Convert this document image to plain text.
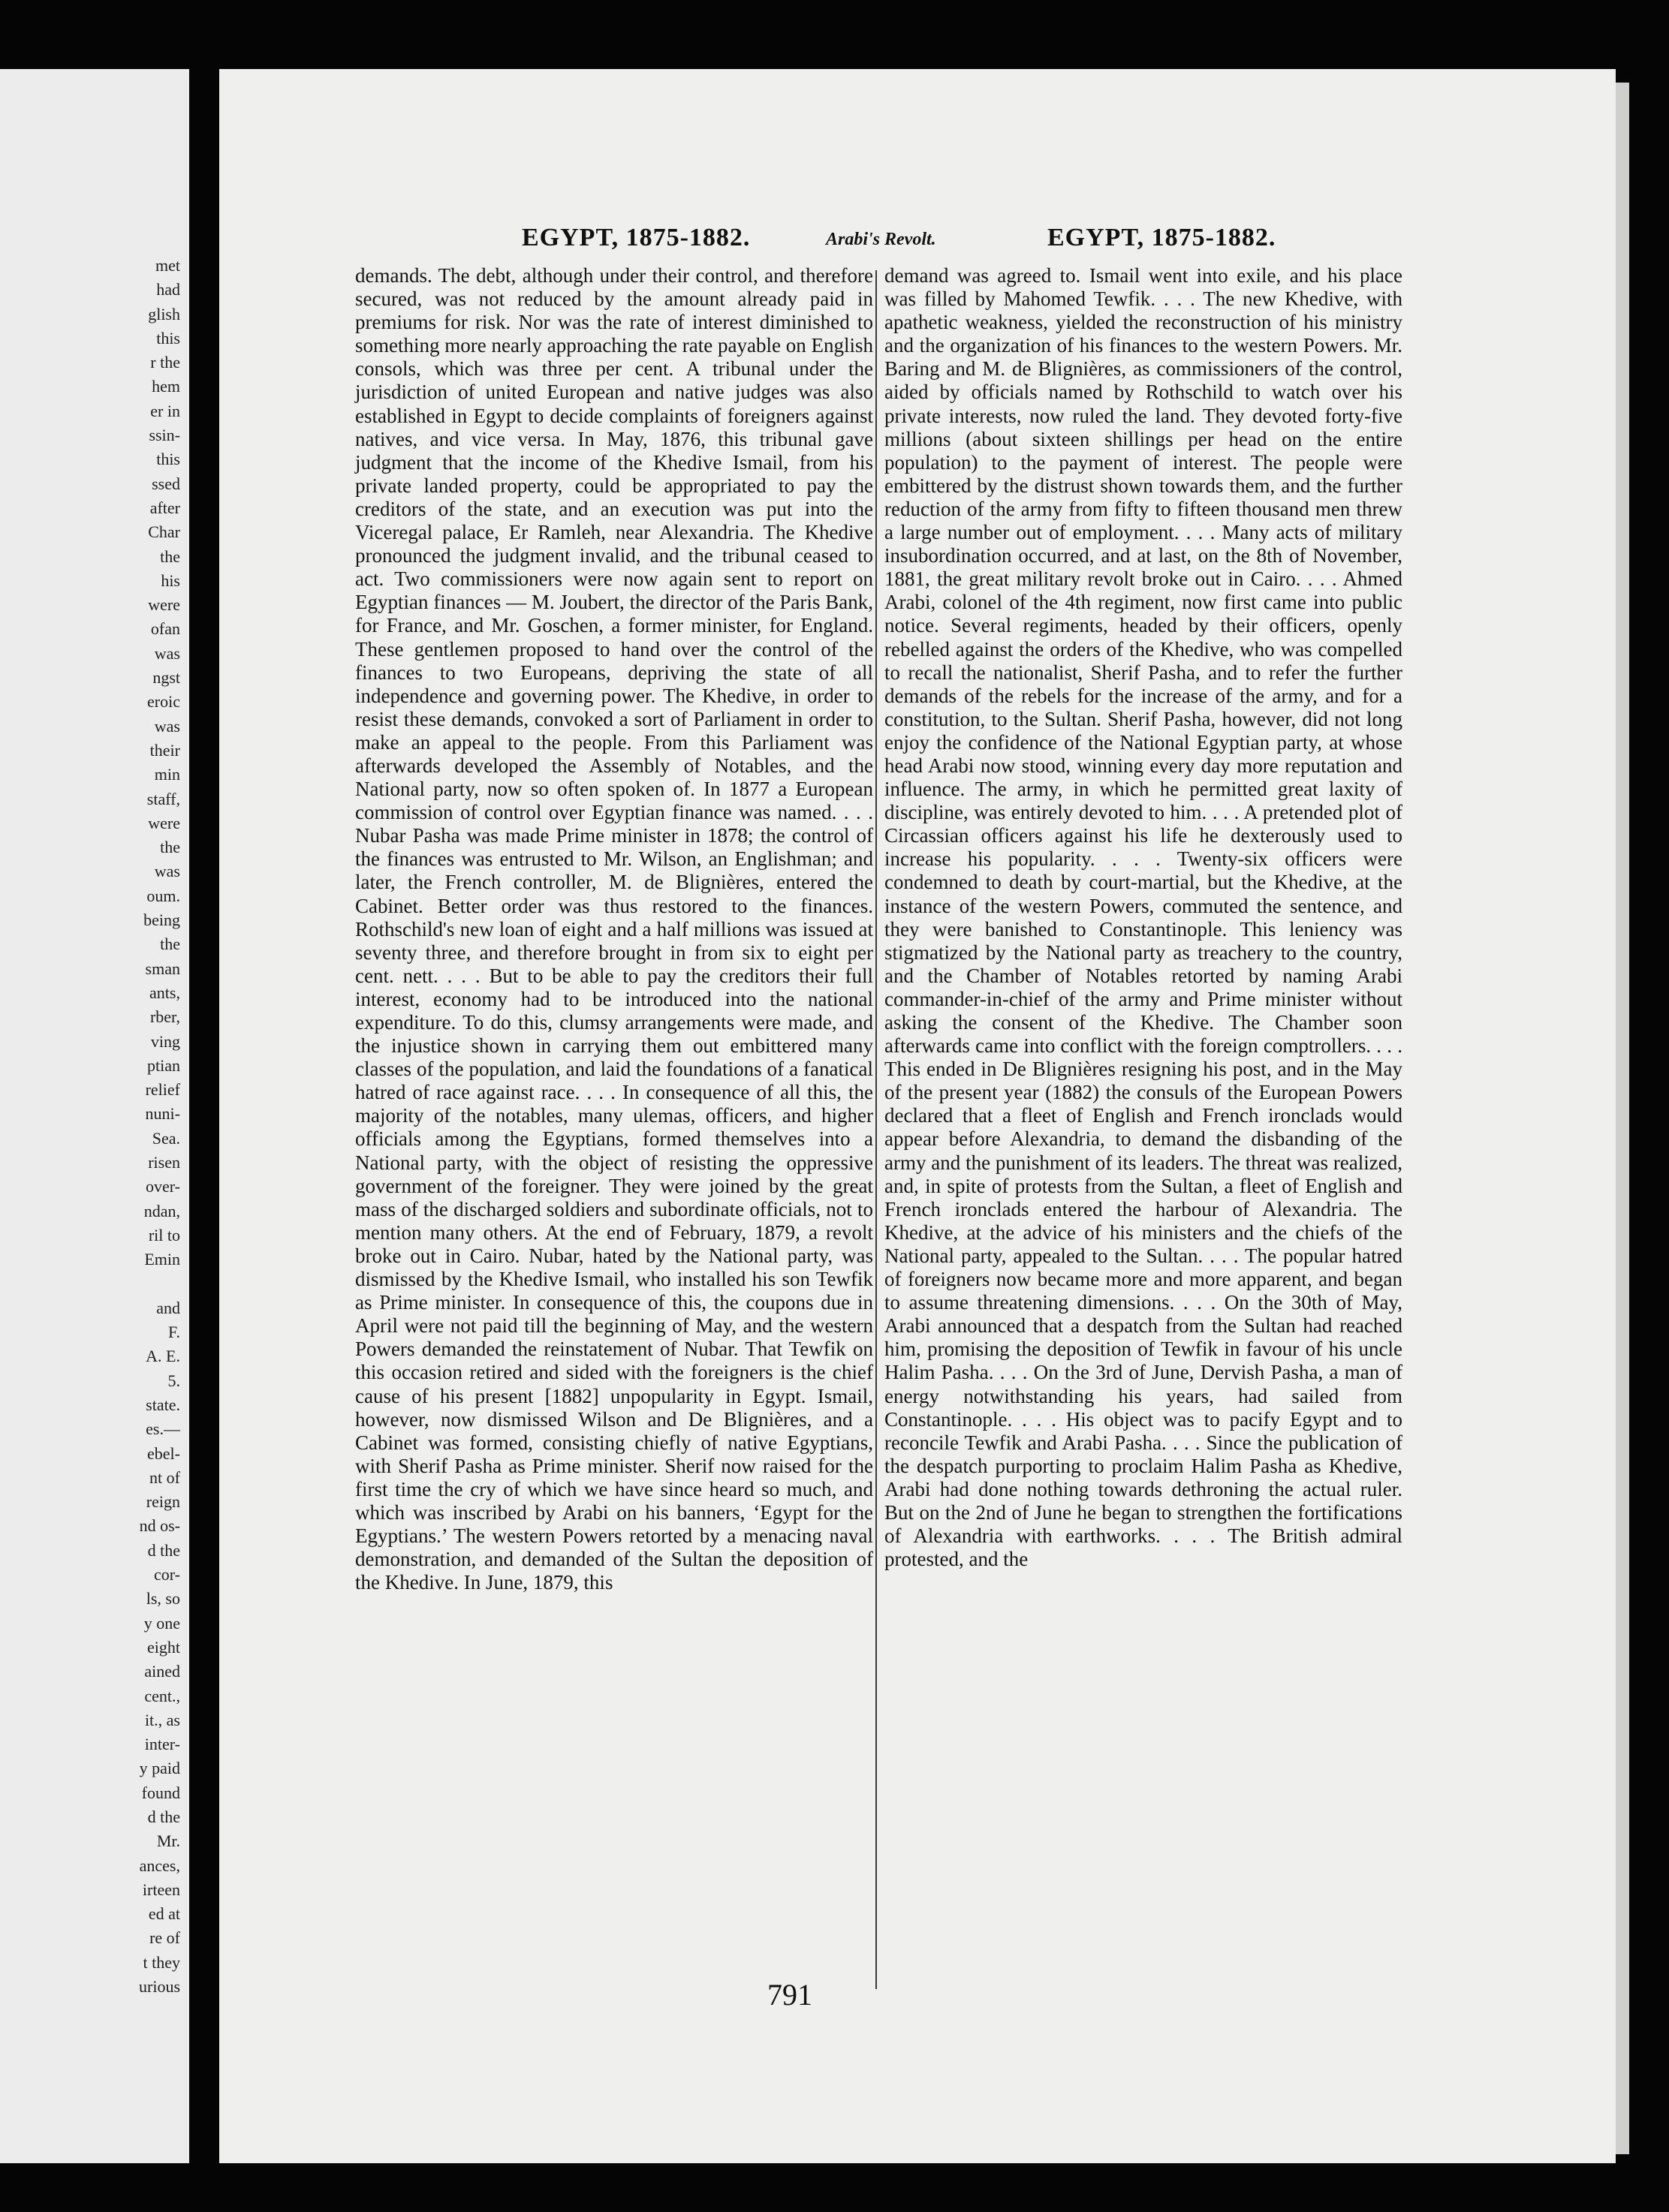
met
had
glish
this
r the
hem
er in
ssin-
this
ssed
after
Char
the
his
were
ofan
was
ngst
eroic
was
their
min
staff,
were
the
was
oum.
being
the
sman
ants,
rber,
ving
ptian
relief
nuni-
Sea.
risen
over-
ndan,
ril to
Emin
and
F.
A. E.
5.
state.
es.—
ebel-
nt of
reign
nd os-
d the
cor-
ls, so
y one
eight
ained
cent.,
it., as
inter-
y paid
found
d the
Mr.
ances,
irteen
ed at
re of
t they
urious
EGYPT, 1875-1882.	Arabi's Revolt.	EGYPT, 1875-1882.

demands. The debt, although under their control, and therefore secured, was not reduced by the amount already paid in premiums for risk. Nor was the rate of interest diminished to something more nearly approaching the rate payable on English consols, which was three per cent. A tribunal under the jurisdiction of united European and native judges was also established in Egypt to decide complaints of foreigners against natives, and vice versa. In May, 1876, this tribunal gave judgment that the income of the Khedive Ismail, from his private landed property, could be appropriated to pay the creditors of the state, and an execution was put into the Viceregal palace, Er Ramleh, near Alexandria. The Khedive pronounced the judgment invalid, and the tribunal ceased to act. Two commissioners were now again sent to report on Egyptian finances — M. Joubert, the director of the Paris Bank, for France, and Mr. Goschen, a former minister, for England. These gentlemen proposed to hand over the control of the finances to two Europeans, depriving the state of all independence and governing power. The Khedive, in order to resist these demands, convoked a sort of Parliament in order to make an appeal to the people. From this Parliament was afterwards developed the Assembly of Notables, and the National party, now so often spoken of. In 1877 a European commission of control over Egyptian finance was named. . . . Nubar Pasha was made Prime minister in 1878; the control of the finances was entrusted to Mr. Wilson, an Englishman; and later, the French controller, M. de Blignières, entered the Cabinet. Better order was thus restored to the finances. Rothschild's new loan of eight and a half millions was issued at seventy three, and therefore brought in from six to eight per cent. nett. . . . But to be able to pay the creditors their full interest, economy had to be introduced into the national expenditure. To do this, clumsy arrangements were made, and the injustice shown in carrying them out embittered many classes of the population, and laid the foundations of a fanatical hatred of race against race. . . . In consequence of all this, the majority of the notables, many ulemas, officers, and higher officials among the Egyptians, formed themselves into a National party, with the object of resisting the oppressive government of the foreigner. They were joined by the great mass of the discharged soldiers and subordinate officials, not to mention many others. At the end of February, 1879, a revolt broke out in Cairo. Nubar, hated by the National party, was dismissed by the Khedive Ismail, who installed his son Tewfik as Prime minister. In consequence of this, the coupons due in April were not paid till the beginning of May, and the western Powers demanded the reinstatement of Nubar. That Tewfik on this occasion retired and sided with the foreigners is the chief cause of his present [1882] unpopularity in Egypt. Ismail, however, now dismissed Wilson and De Blignières, and a Cabinet was formed, consisting chiefly of native Egyptians, with Sherif Pasha as Prime minister. Sherif now raised for the first time the cry of which we have since heard so much, and which was inscribed by Arabi on his banners, ‘Egypt for the Egyptians.’ The western Powers retorted by a menacing naval demonstration, and demanded of the Sultan the deposition of the Khedive. In June, 1879, this

demand was agreed to. Ismail went into exile, and his place was filled by Mahomed Tewfik. . . . The new Khedive, with apathetic weakness, yielded the reconstruction of his ministry and the organization of his finances to the western Powers. Mr. Baring and M. de Blignières, as commissioners of the control, aided by officials named by Rothschild to watch over his private interests, now ruled the land. They devoted forty-five millions (about sixteen shillings per head on the entire population) to the payment of interest. The people were embittered by the distrust shown towards them, and the further reduction of the army from fifty to fifteen thousand men threw a large number out of employment. . . . Many acts of military insubordination occurred, and at last, on the 8th of November, 1881, the great military revolt broke out in Cairo. . . . Ahmed Arabi, colonel of the 4th regiment, now first came into public notice. Several regiments, headed by their officers, openly rebelled against the orders of the Khedive, who was compelled to recall the nationalist, Sherif Pasha, and to refer the further demands of the rebels for the increase of the army, and for a constitution, to the Sultan. Sherif Pasha, however, did not long enjoy the confidence of the National Egyptian party, at whose head Arabi now stood, winning every day more reputation and influence. The army, in which he permitted great laxity of discipline, was entirely devoted to him. . . . A pretended plot of Circassian officers against his life he dexterously used to increase his popularity. . . . Twenty-six officers were condemned to death by court-martial, but the Khedive, at the instance of the western Powers, commuted the sentence, and they were banished to Constantinople. This leniency was stigmatized by the National party as treachery to the country, and the Chamber of Notables retorted by naming Arabi commander-in-chief of the army and Prime minister without asking the consent of the Khedive. The Chamber soon afterwards came into conflict with the foreign comptrollers. . . . This ended in De Blignières resigning his post, and in the May of the present year (1882) the consuls of the European Powers declared that a fleet of English and French ironclads would appear before Alexandria, to demand the disbanding of the army and the punishment of its leaders. The threat was realized, and, in spite of protests from the Sultan, a fleet of English and French ironclads entered the harbour of Alexandria. The Khedive, at the advice of his ministers and the chiefs of the National party, appealed to the Sultan. . . . The popular hatred of foreigners now became more and more apparent, and began to assume threatening dimensions. . . . On the 30th of May, Arabi announced that a despatch from the Sultan had reached him, promising the deposition of Tewfik in favour of his uncle Halim Pasha. . . . On the 3rd of June, Dervish Pasha, a man of energy notwithstanding his years, had sailed from Constantinople. . . . His object was to pacify Egypt and to reconcile Tewfik and Arabi Pasha. . . . Since the publication of the despatch purporting to proclaim Halim Pasha as Khedive, Arabi had done nothing towards dethroning the actual ruler. But on the 2nd of June he began to strengthen the fortifications of Alexandria with earthworks. . . . The British admiral protested, and the

791
